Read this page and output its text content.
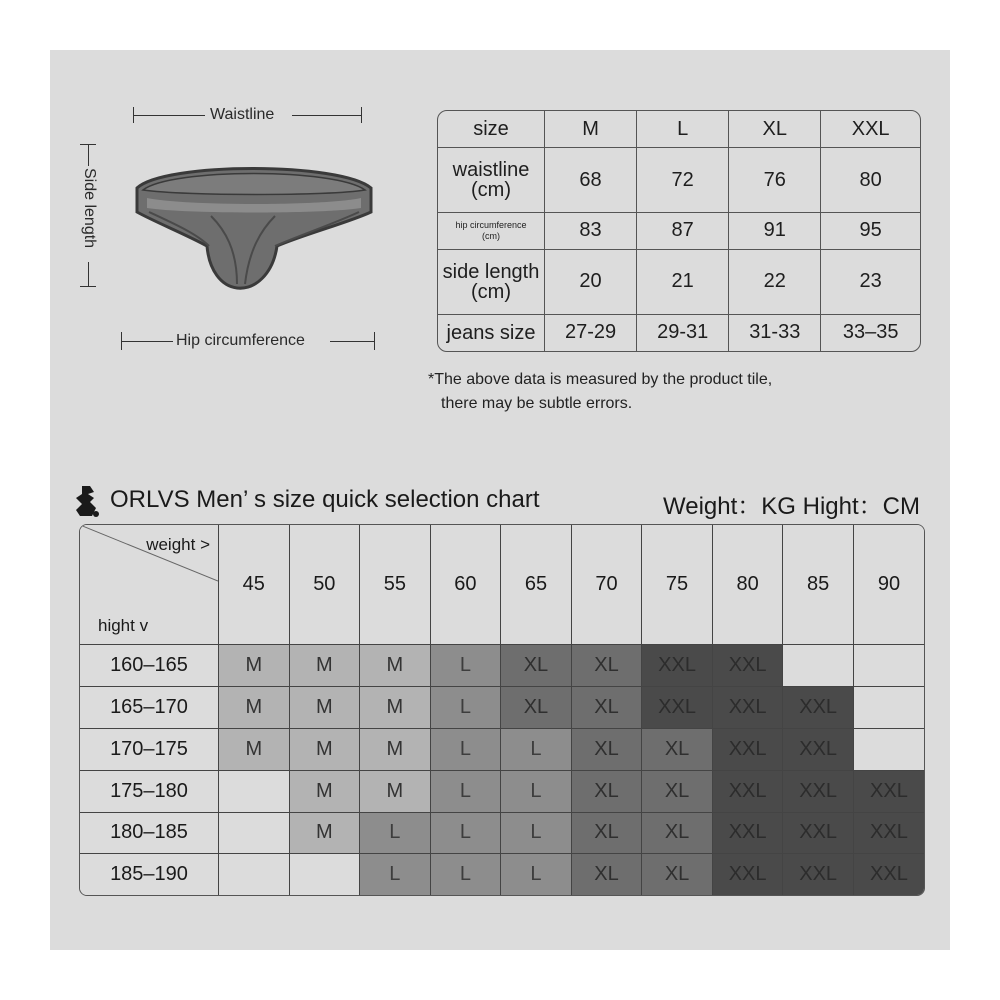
Waistline
Side length
Hip circumference
size	M	L	XL	XXL
waistline
(cm)	68	72	76	80
hip circumference
(cm)	83	87	91	95
side length
(cm)	20	21	22	23
jeans size	27-29	29-31	31-33	33–35
*The above data is measured by the product tile,
there may be subtle errors.
ORLVS Men’ s size quick selection chart	Weight：KG Hight：CM
weight >
hight v	45	50	55	60	65	70	75	80	85	90
160–165	M	M	M	L	XL	XL	XXL	XXL		
165–170	M	M	M	L	XL	XL	XXL	XXL	XXL	
170–175	M	M	M	L	L	XL	XL	XXL	XXL	
175–180		M	M	L	L	XL	XL	XXL	XXL	XXL
180–185		M	L	L	L	XL	XL	XXL	XXL	XXL
185–190			L	L	L	XL	XL	XXL	XXL	XXL
